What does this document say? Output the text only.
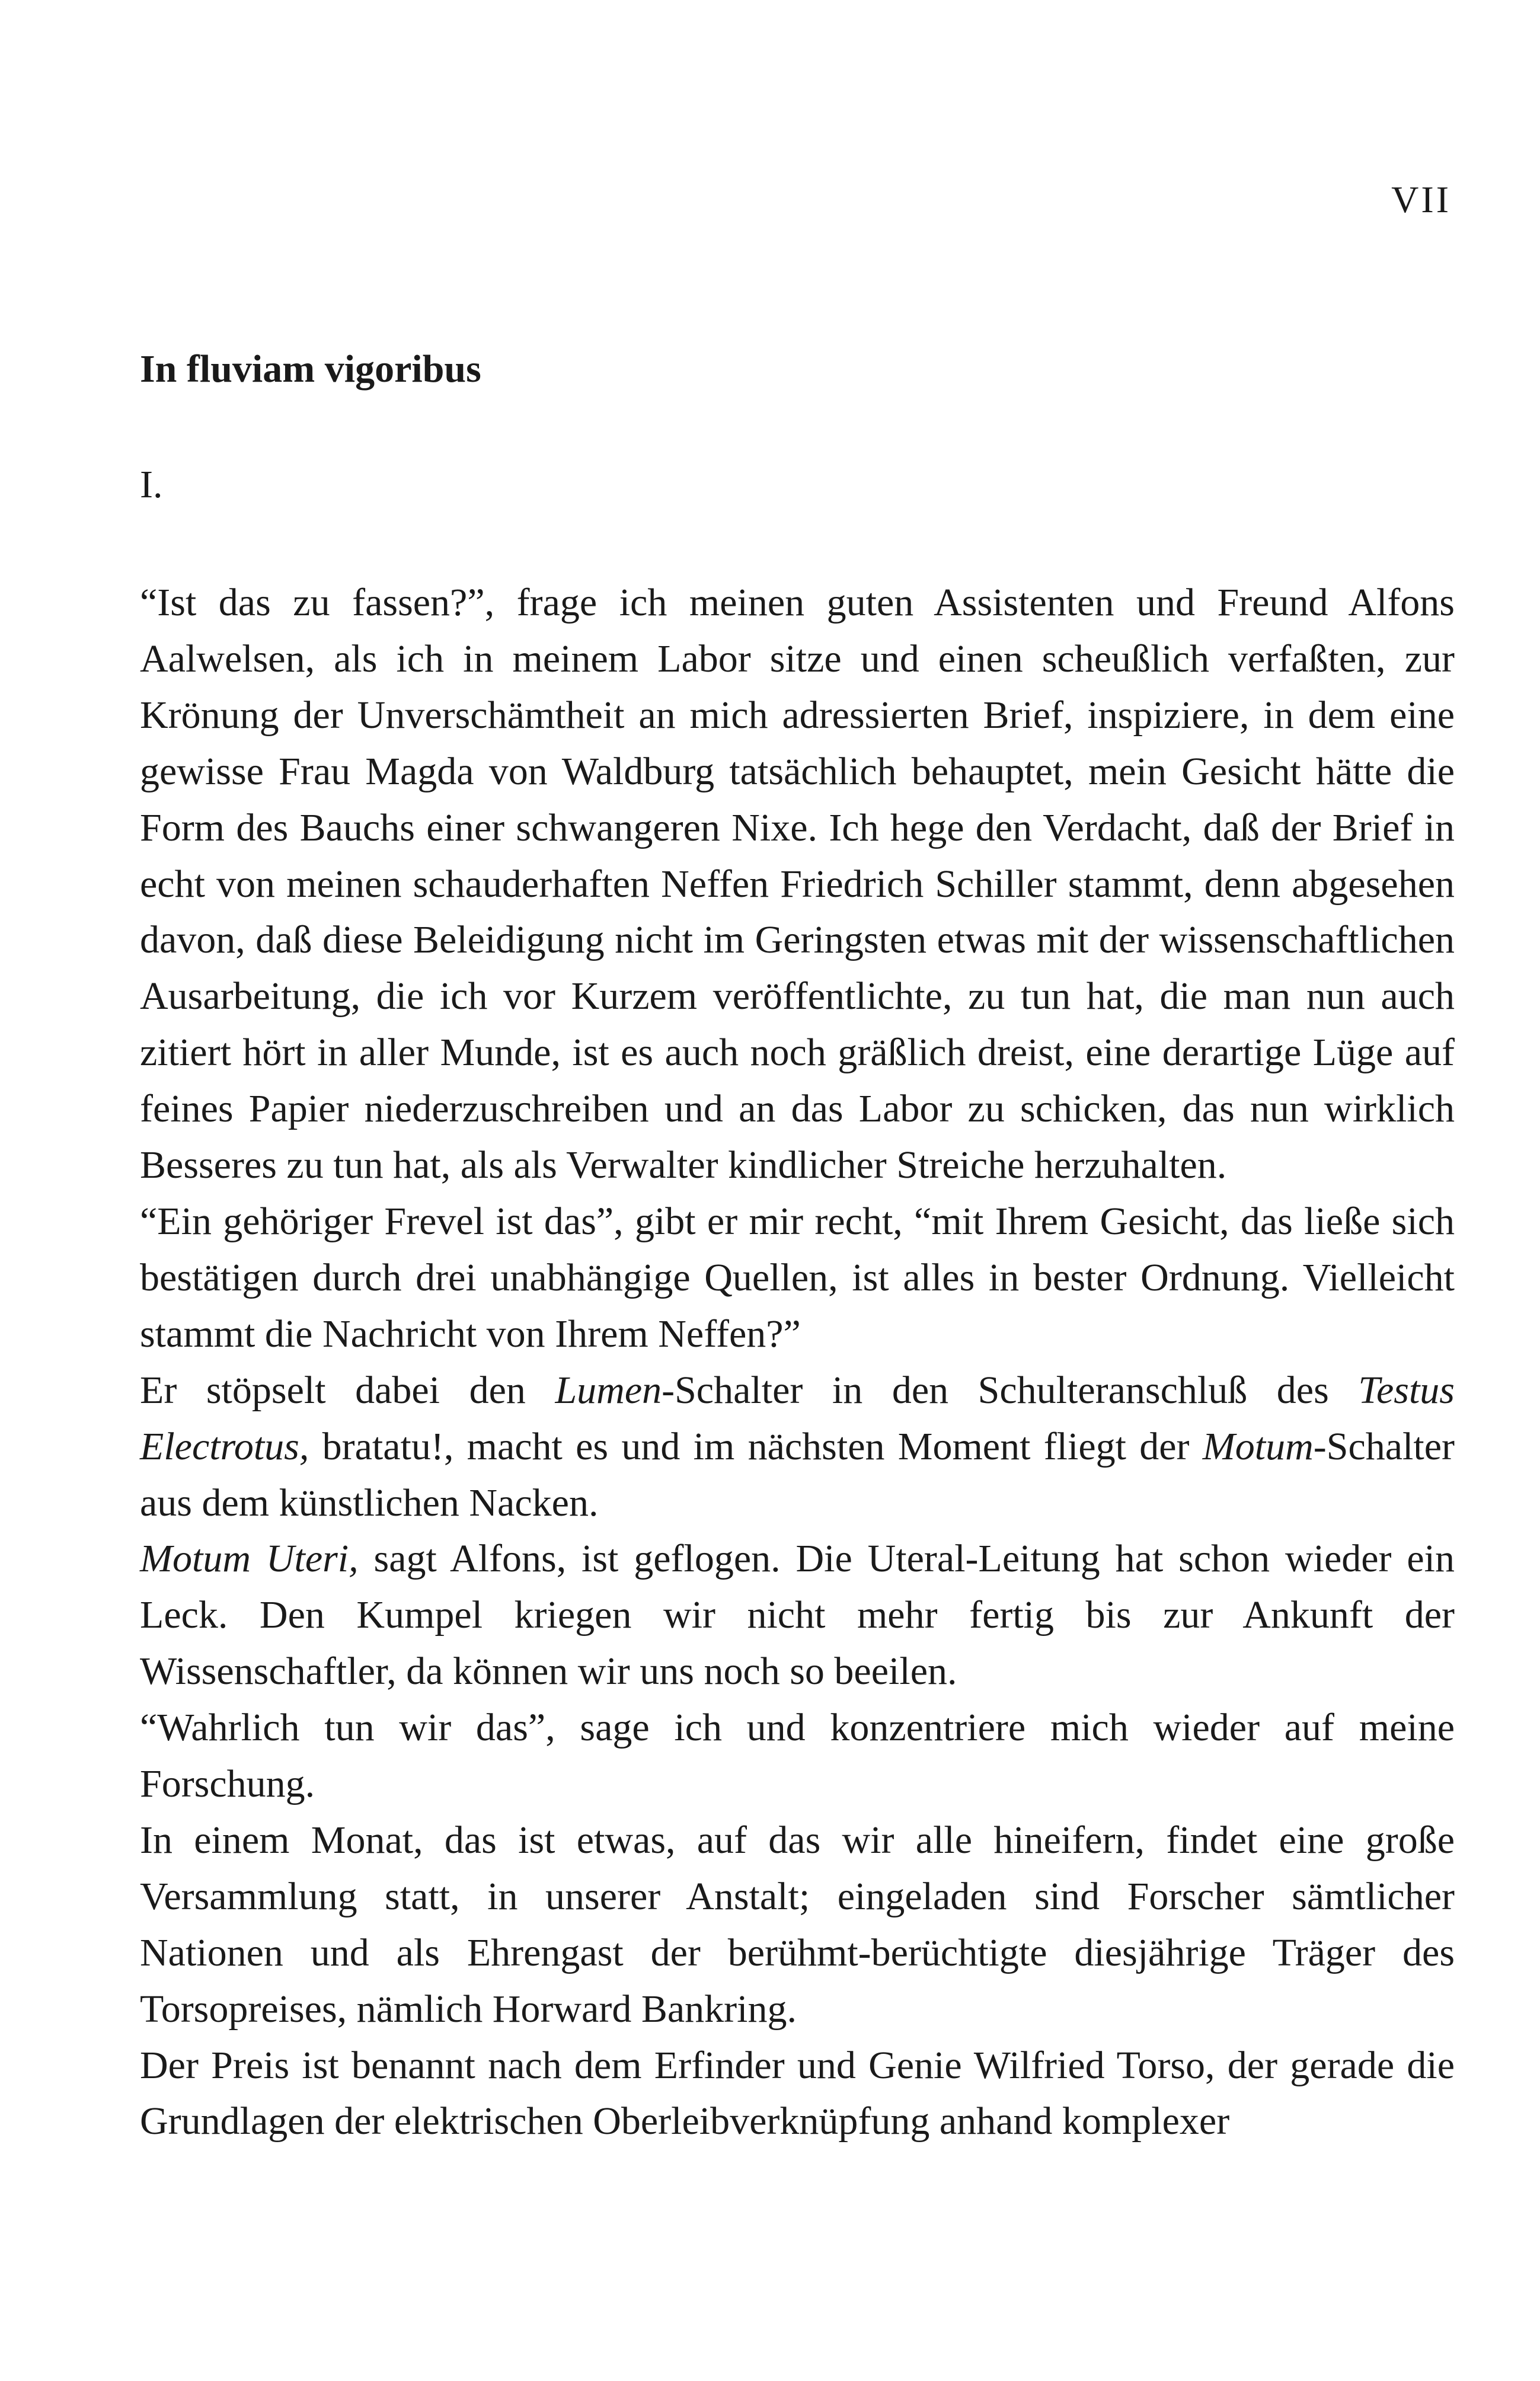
VII
In fluviam vigoribus
I.

“Ist das zu fassen?”, frage ich meinen guten Assistenten und Freund Alfons Aalwelsen, als ich in meinem Labor sitze und einen scheußlich verfaßten, zur Krönung der Unverschämtheit an mich adressierten Brief, inspiziere, in dem eine gewisse Frau Magda von Waldburg tatsächlich behauptet, mein Gesicht hätte die Form des Bauchs einer schwangeren Nixe. Ich hege den Verdacht, daß der Brief in echt von meinen schauderhaften Neffen Friedrich Schiller stammt, denn abgesehen davon, daß diese Beleidigung nicht im Geringsten etwas mit der wissenschaftlichen Ausarbeitung, die ich vor Kurzem veröffentlichte, zu tun hat, die man nun auch zitiert hört in aller Munde, ist es auch noch gräßlich dreist, eine derartige Lüge auf feines Papier niederzuschreiben und an das Labor zu schicken, das nun wirklich Besseres zu tun hat, als als Verwalter kindlicher Streiche herzuhalten.

“Ein gehöriger Frevel ist das”, gibt er mir recht, “mit Ihrem Gesicht, das ließe sich bestätigen durch drei unabhängige Quellen, ist alles in bester Ordnung. Vielleicht stammt die Nachricht von Ihrem Neffen?”

Er stöpselt dabei den Lumen-Schalter in den Schulteranschluß des Testus Electrotus, bratatu!, macht es und im nächsten Moment fliegt der Motum-Schalter aus dem künstlichen Nacken.

Motum Uteri, sagt Alfons, ist geflogen. Die Uteral-Leitung hat schon wieder ein Leck. Den Kumpel kriegen wir nicht mehr fertig bis zur Ankunft der Wissenschaftler, da können wir uns noch so beeilen.

“Wahrlich tun wir das”, sage ich und konzentriere mich wieder auf meine Forschung.

In einem Monat, das ist etwas, auf das wir alle hineifern, findet eine große Versammlung statt, in unserer Anstalt; eingeladen sind Forscher sämtlicher Nationen und als Ehrengast der berühmt-berüchtigte diesjährige Träger des Torsopreises, nämlich Horward Bankring.

Der Preis ist benannt nach dem Erfinder und Genie Wilfried Torso, der gerade die Grundlagen der elektrischen Oberleibverknüpfung anhand komplexer
